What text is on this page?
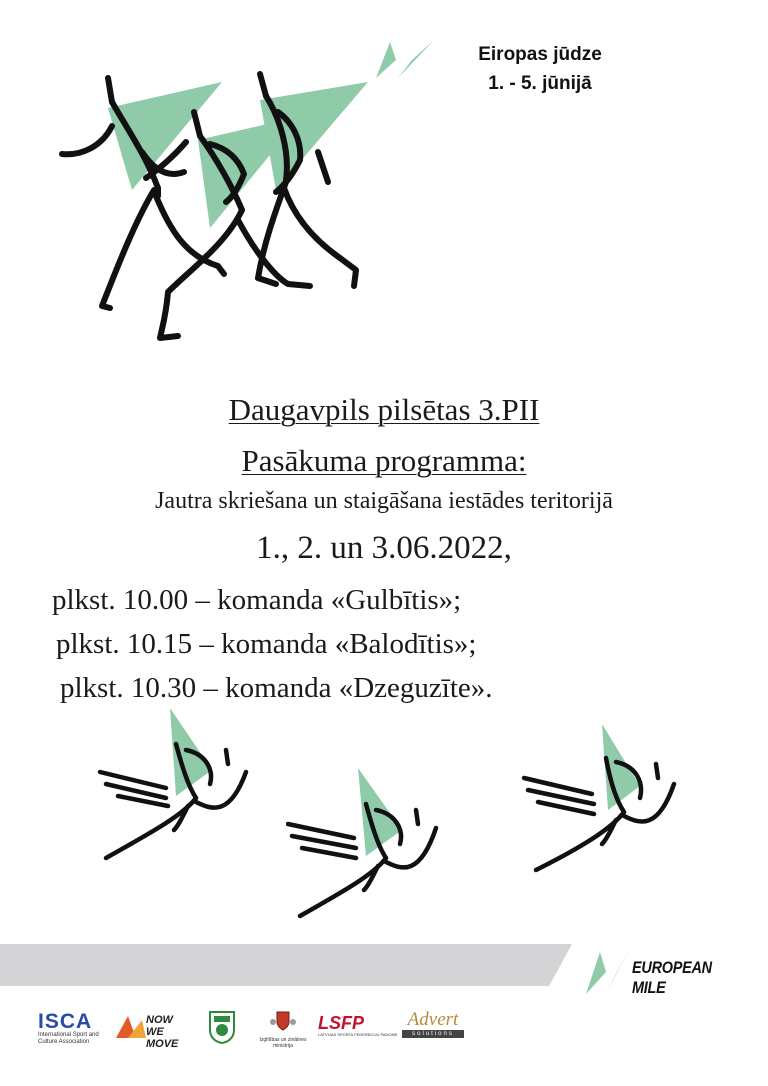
Eiropas jūdze
1. - 5. jūnijā
Daugavpils pilsētas 3.PII
Pasākuma programma:
Jautra skriešana un staigāšana iestādes teritorijā
1., 2. un 3.06.2022,
plkst. 10.00 – komanda «Gulbītis»;
plkst. 10.15 – komanda «Balodītis»;
plkst. 10.30 – komanda «Dzeguzīte».
EUROPEAN MILE
ISCA
International Sport and
Culture Association
NOW
WE MOVE	Izglītības un zinātnes
ministrija
LSFP
LATVIJAS SPORTA FEDERĀCIJU PADOME
Advert
solutions
